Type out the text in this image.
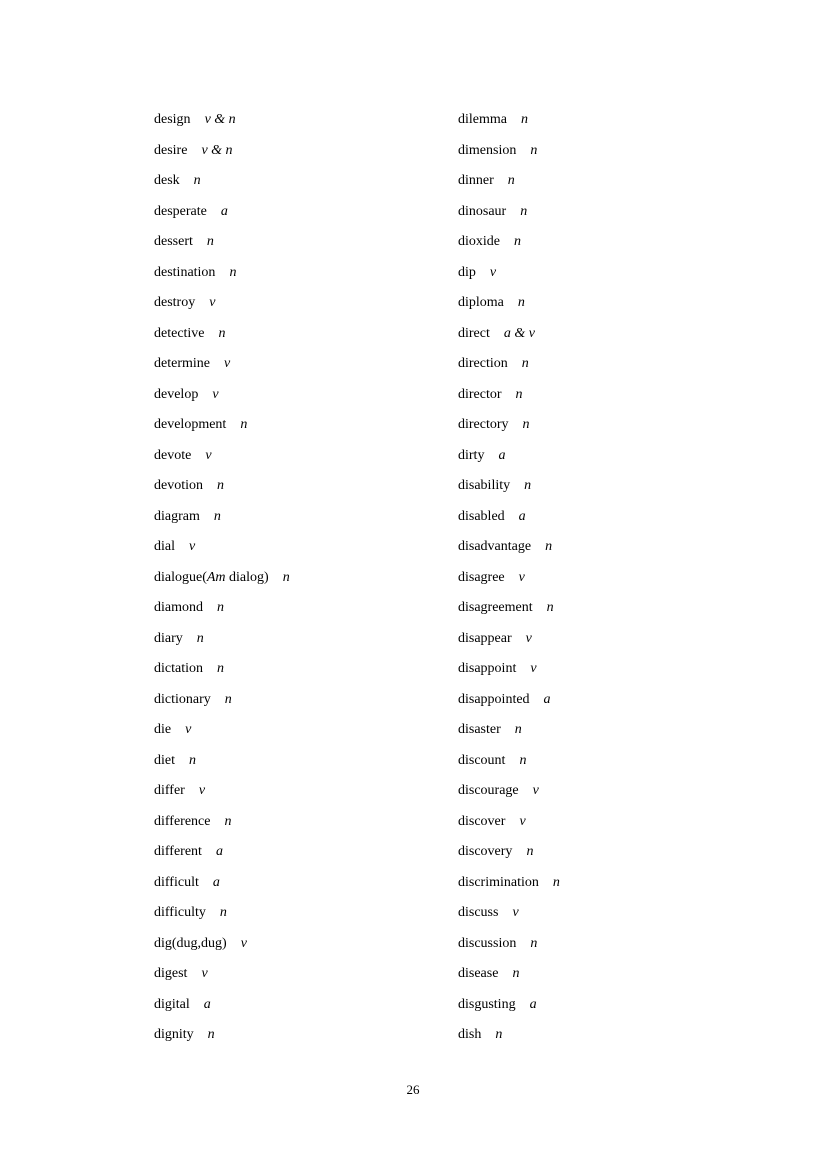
design v & n
desire v & n
desk n
desperate a
dessert n
destination n
destroy v
detective n
determine v
develop v
development n
devote v
devotion n
diagram n
dial v
dialogue(Am dialog) n
diamond n
diary n
dictation n
dictionary n
die v
diet n
differ v
difference n
different a
difficult a
difficulty n
dig(dug,dug) v
digest v
digital a
dignity n
dilemma n
dimension n
dinner n
dinosaur n
dioxide n
dip v
diploma n
direct a & v
direction n
director n
directory n
dirty a
disability n
disabled a
disadvantage n
disagree v
disagreement n
disappear v
disappoint v
disappointed a
disaster n
discount n
discourage v
discover v
discovery n
discrimination n
discuss v
discussion n
disease n
disgusting a
dish n
26
